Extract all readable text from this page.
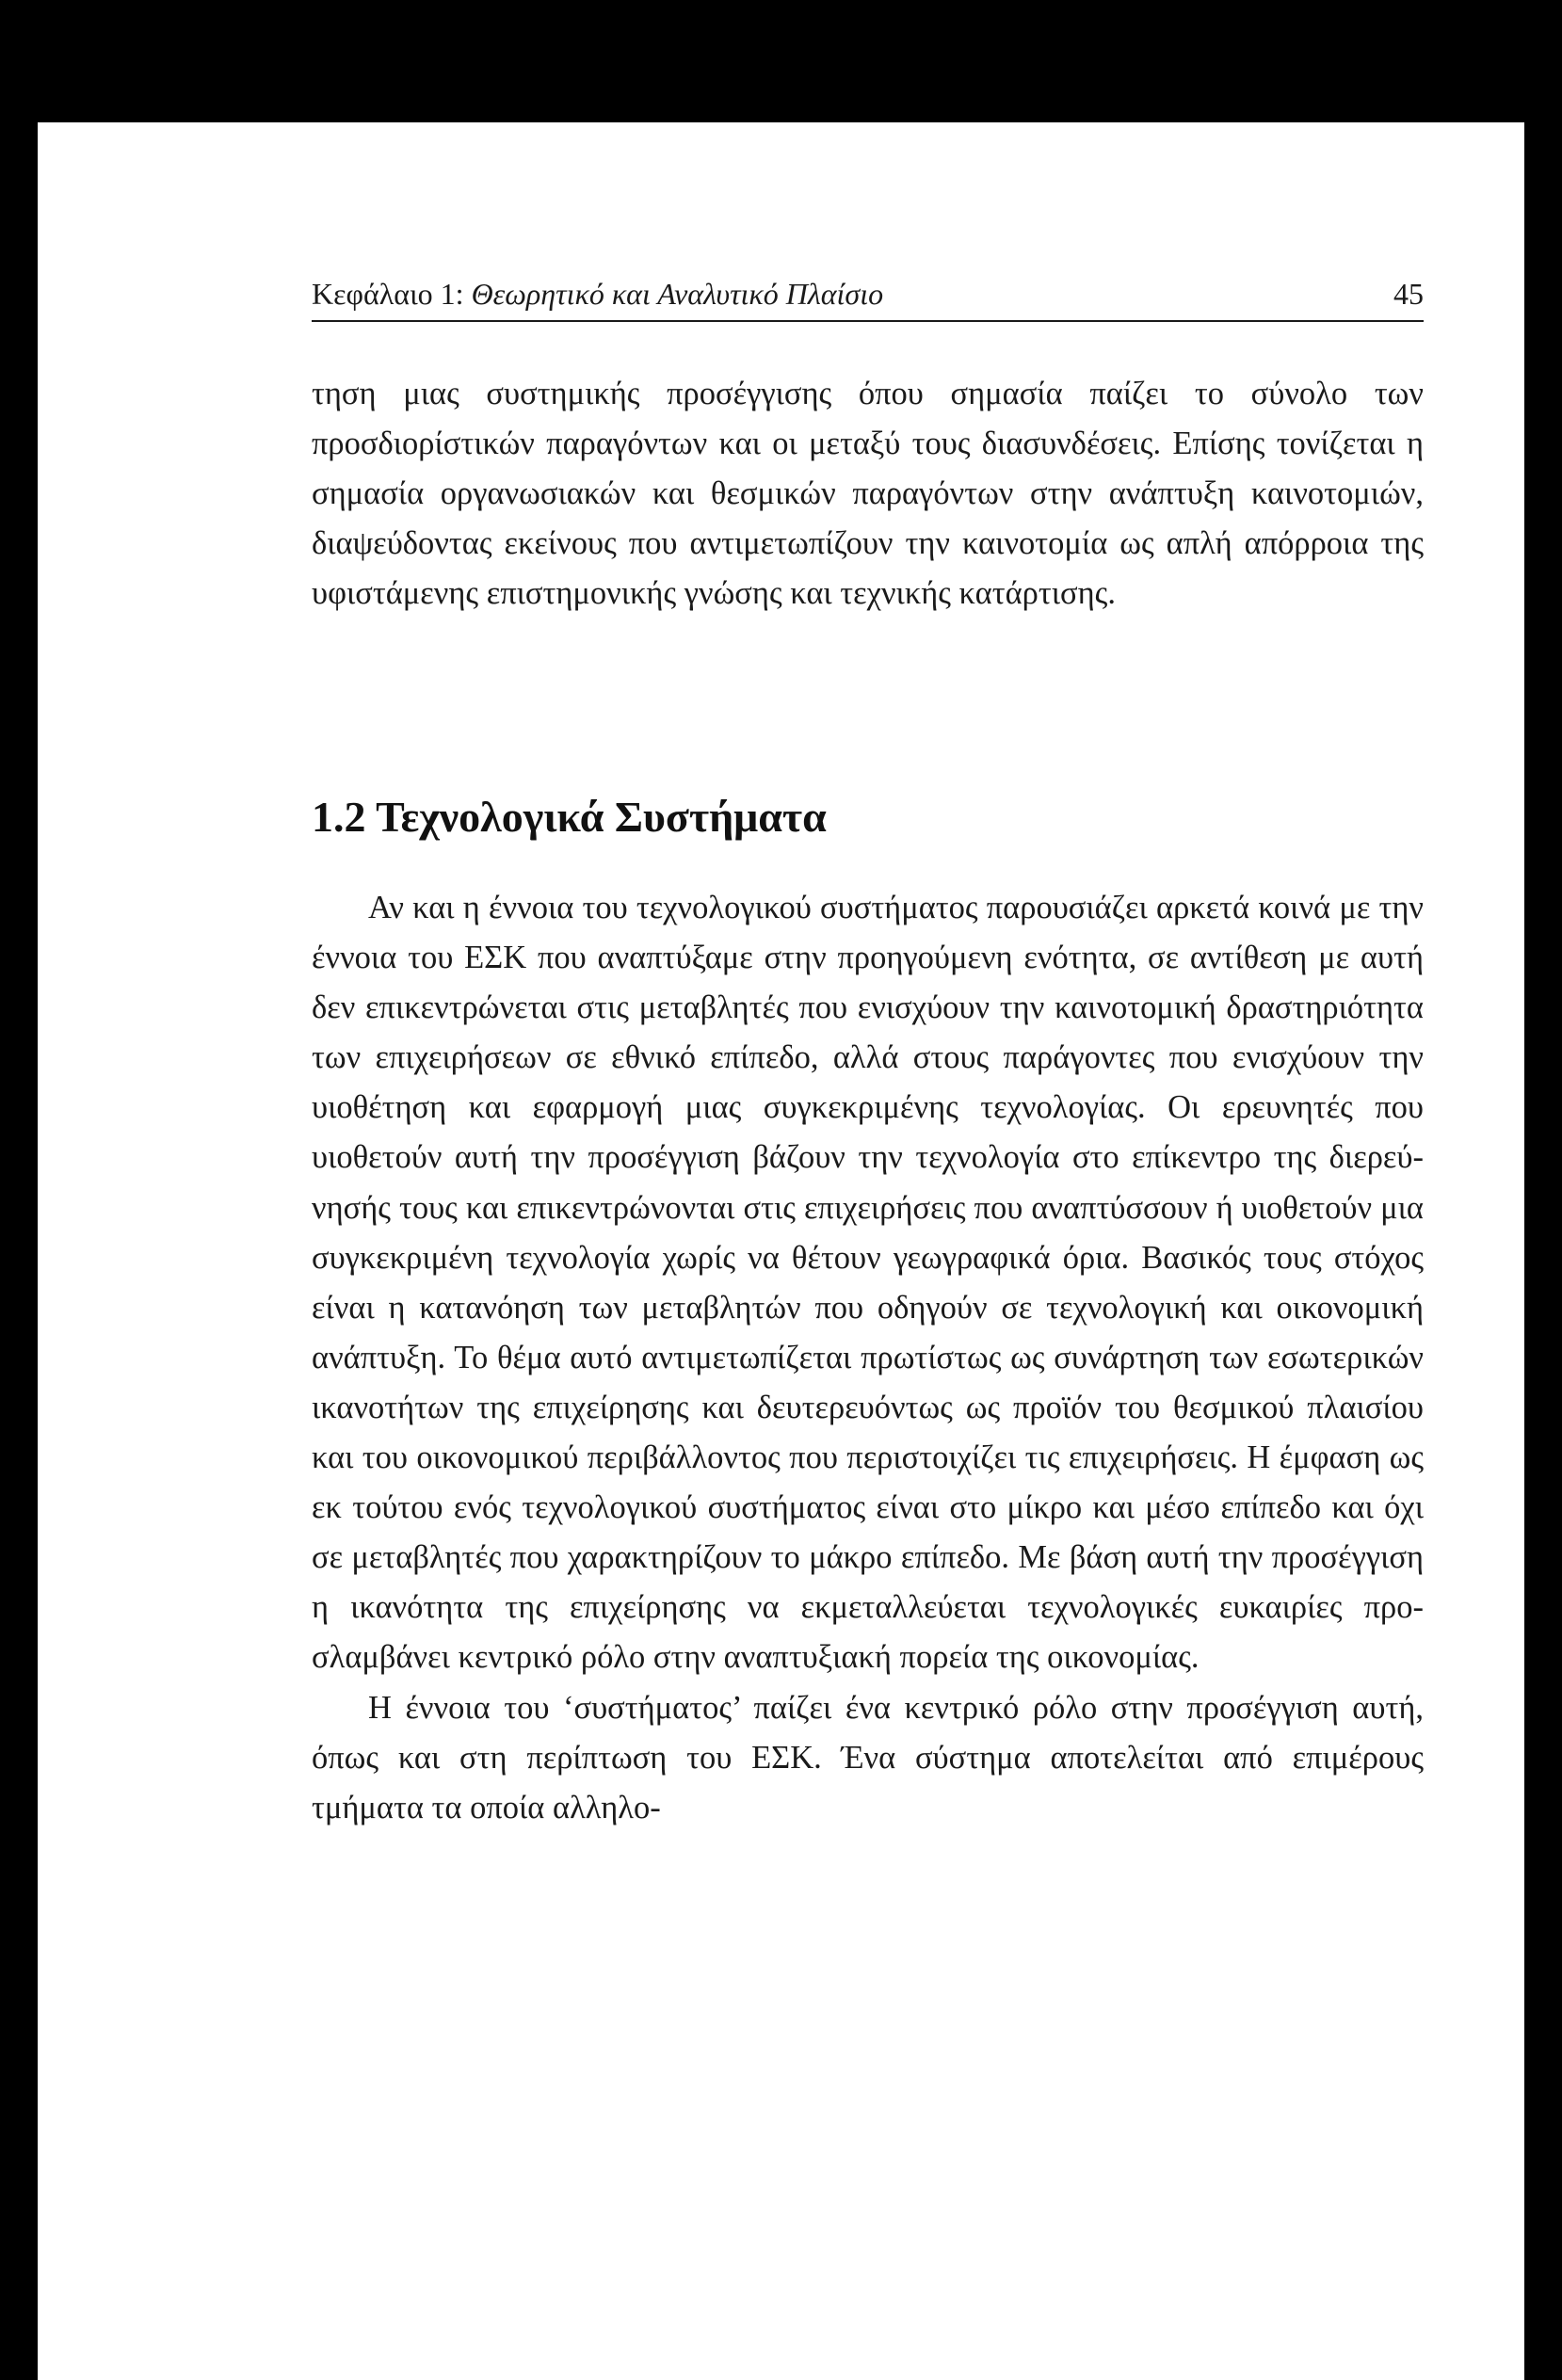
Κεφάλαιο 1: Θεωρητικό και Αναλυτικό Πλαίσιο	45

τηση μιας συστημικής προσέγγισης όπου σημασία παίζει το σύνολο των προσδιορίστικών παραγόντων και οι μεταξύ τους διασυνδέσεις. Επίσης τονίζεται η σημασία οργανωσιακών και θεσμικών παραγόντων στην ανάπτυξη καινοτομιών, διαψεύδοντας εκείνους που αντιμετωπίζουν την καινοτομία ως απλή απόρροια της υφιστάμενης επιστημονικής γνώσης και τεχνικής κατάρτισης.

1.2 Τεχνολογικά Συστήματα

Αν και η έννοια του τεχνολογικού συστήματος παρουσιάζει αρκετά κοινά με την έννοια του ΕΣΚ που αναπτύξαμε στην προηγούμενη ενότητα, σε αντίθεση με αυτή δεν επικεντρώνεται στις μεταβλητές που ενισχύουν την καινοτομική δραστηριότητα των επιχειρήσεων σε εθνικό επίπεδο, αλλά στους παράγοντες που ενισχύουν την υιοθέτηση και εφαρμογή μιας συγκεκριμένης τεχνολογίας. Οι ερευνητές που υιοθετούν αυτή την προσέγγιση βάζουν την τεχνολογία στο επίκεντρο της διερεύνησής τους και επικεντρώνονται στις επιχειρήσεις που αναπτύσσουν ή υιοθετούν μια συγκεκριμένη τεχνολογία χωρίς να θέτουν γεωγραφικά όρια. Βασικός τους στόχος είναι η κατανόηση των μεταβλητών που οδηγούν σε τεχνολογική και οικονομική ανάπτυξη. Το θέμα αυτό αντιμετωπίζεται πρωτίστως ως συνάρτηση των εσωτερικών ικανοτήτων της επιχείρησης και δευτερευόντως ως προϊόν του θεσμικού πλαισίου και του οικονομικού περιβάλλοντος που περιστοιχίζει τις επιχειρήσεις. Η έμφαση ως εκ τούτου ενός τεχνολογικού συστήματος είναι στο μίκρο και μέσο επίπεδο και όχι σε μεταβλητές που χαρακτηρίζουν το μάκρο επίπεδο. Με βάση αυτή την προσέγγιση η ικανότητα της επιχείρησης να εκμεταλλεύεται τεχνολογικές ευκαιρίες προσλαμβάνει κεντρικό ρόλο στην αναπτυξιακή πορεία της οικονομίας.

Η έννοια του ‘συστήματος’ παίζει ένα κεντρικό ρόλο στην προσέγγιση αυτή, όπως και στη περίπτωση του ΕΣΚ. Ένα σύστημα αποτελείται από επιμέρους τμήματα τα οποία αλληλο-
